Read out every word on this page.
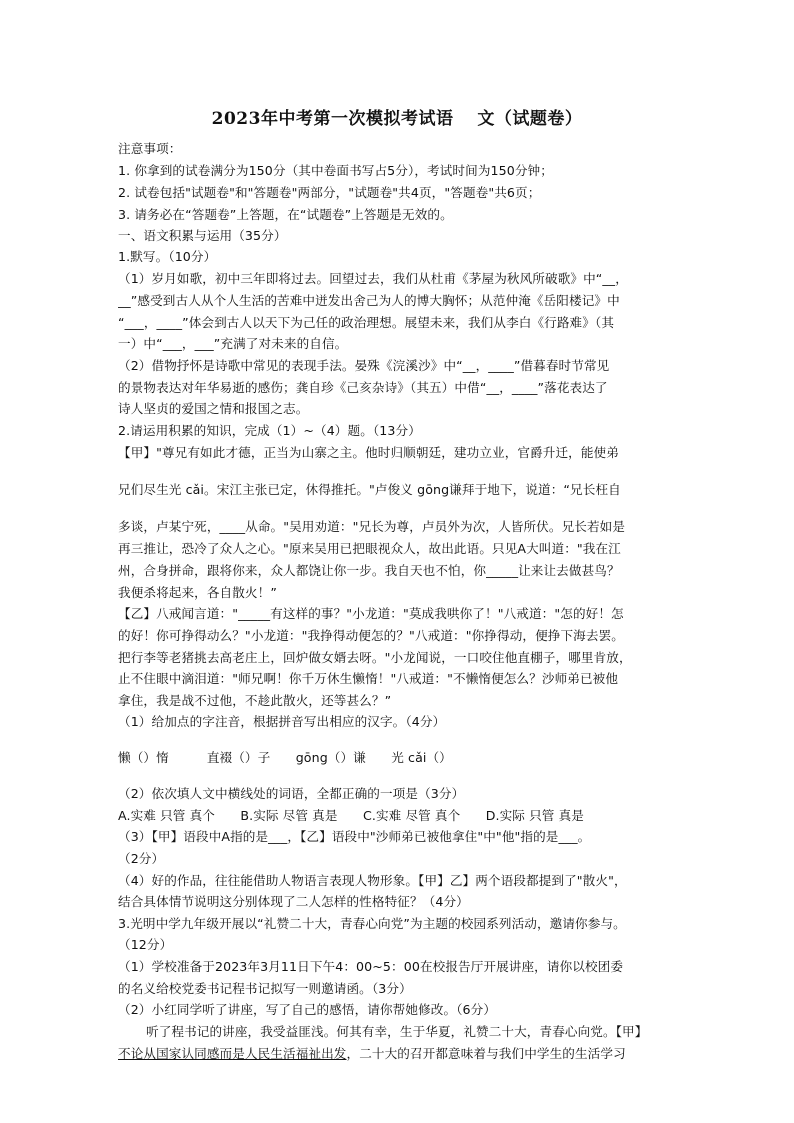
2023年中考第一次模拟考试语　 文（试题卷）
注意事项：
1. 你拿到的试卷满分为150分（其中卷面书写占5分），考试时间为150分钟；
2. 试卷包括"试题卷"和"答题卷"两部分，"试题卷"共4页，"答题卷"共6页；
3. 请务必在“答题卷”上答题，在“试题卷”上答题是无效的。
一、语文积累与运用（35分）
1.默写。（10分）
（1）岁月如歌，初中三年即将过去。回望过去，我们从杜甫《茅屋为秋风所破歌》中“__，
__”感受到古人从个人生活的苦难中迸发出舍己为人的博大胸怀；从范仲淹《岳阳楼记》中
“___，____”体会到古人以天下为己任的政治理想。展望未来，我们从李白《行路难》（其
一）中“___，___”充满了对未来的自信。
（2）借物抒怀是诗歌中常见的表现手法。晏殊《浣溪沙》中“__，____”借暮春时节常见
的景物表达对年华易逝的感伤；龚自珍《己亥杂诗》（其五）中借“__，____”落花表达了
诗人坚贞的爱国之情和报国之志。
2.请运用积累的知识，完成（1）~（4）题。（13分）
【甲】"尊兄有如此才德，正当为山寨之主。他时归顺朝廷，建功立业，官爵升迁，能使弟
兄们尽生光 cǎi。宋江主张已定，休得推托。"卢俊义 gōng谦拜于地下，说道：“兄长枉自
多谈，卢某宁死，____从命。"吴用劝道："兄长为尊，卢员外为次，人皆所伏。兄长若如是
再三推让，恐冷了众人之心。"原来吴用已把眼视众人，故出此语。只见A大叫道："我在江
州，合身拼命，跟将你来，众人都饶让你一步。我自天也不怕，你_____让来让去做甚鸟？
我便杀将起来，各自散火！”
【乙】八戒闻言道："_____有这样的事？"小龙道："莫成我哄你了！"八戒道："怎的好！怎
的好！你可挣得动么？"小龙道："我挣得动便怎的？"八戒道："你挣得动，便挣下海去罢。
把行李等老猪挑去高老庄上，回炉做女婿去呀。"小龙闻说，一口咬住他直棚子，哪里肯放，
止不住眼中滴泪道："师兄啊！你千万休生懒惰！"八戒道："不懒惰便怎么？沙师弟已被他
拿住，我是战不过他，不趁此散火，还等甚么？”
（1）给加点的字注音，根据拼音写出相应的汉字。（4分）
懒（）惰　　　直裰（）子　　gōng（）谦　　光 cǎi（）
（2）依次填人文中横线处的词语，全都正确的一项是（3分）
A.实难 只管 真个　　B.实际 尽管 真是　　C.实难 尽管 真个　　D.实际 只管 真是
（3）【甲】语段中A指的是___，【乙】语段中"沙师弟已被他拿住"中"他"指的是___。
（2分）
（4）好的作品，往往能借助人物语言表现人物形象。【甲】乙】两个语段都提到了"散火"，
结合具体情节说明这分别体现了二人怎样的性格特征？（4分）
3.光明中学九年级开展以“礼赞二十大，青春心向党”为主题的校园系列活动，邀请你参与。
（12分）
（1）学校准备于2023年3月11日下午4：00~5：00在校报告厅开展讲座，请你以校团委
的名义给校党委书记程书记拟写一则邀请函。（3分）
（2）小红同学听了讲座，写了自己的感悟，请你帮她修改。（6分）
听了程书记的讲座，我受益匪浅。何其有幸，生于华夏，礼赞二十大，青春心向党。【甲】
不论从国家认同感而是人民生活福祉出发，二十大的召开都意味着与我们中学生的生活学习
